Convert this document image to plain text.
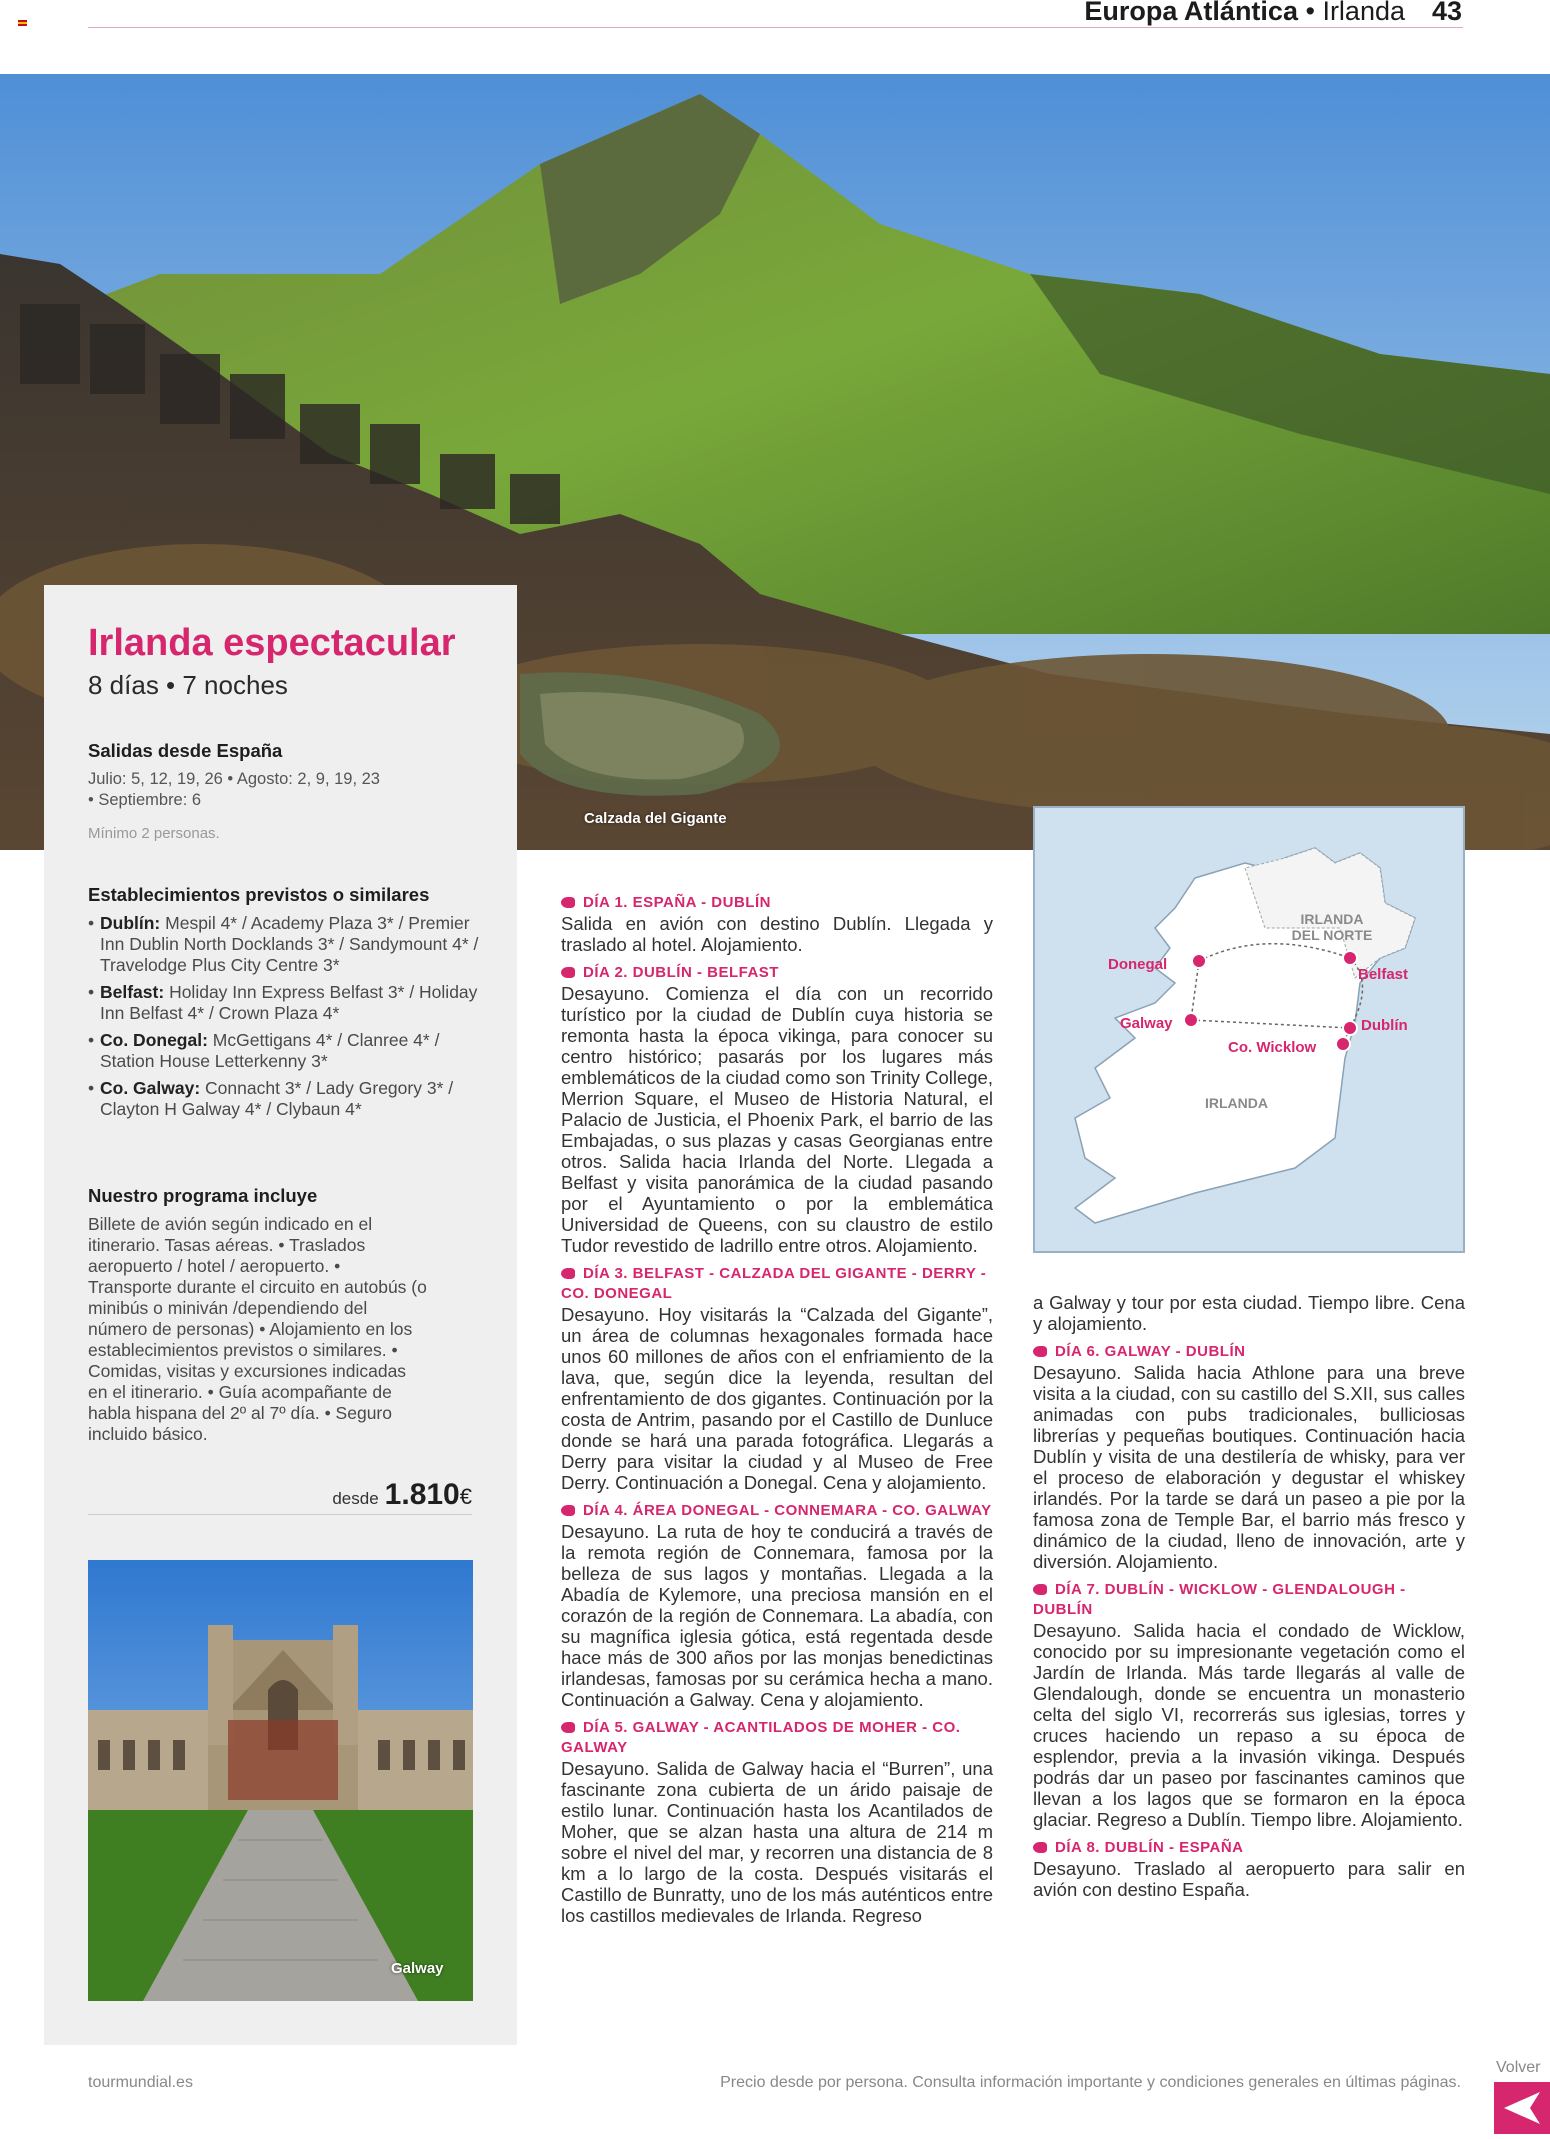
Europa Atlántica • Irlanda 43
Calzada del Gigante
Irlanda espectacular
8 días • 7 noches
Salidas desde España
Julio: 5, 12, 19, 26 • Agosto: 2, 9, 19, 23
• Septiembre: 6
Mínimo 2 personas.
Establecimientos previstos o similares
• Dublín: Mespil 4* / Academy Plaza 3* / Premier Inn Dublin North Docklands 3* / Sandymount 4* / Travelodge Plus City Centre 3*
• Belfast: Holiday Inn Express Belfast 3* / Holiday Inn Belfast 4* / Crown Plaza 4*
• Co. Donegal: McGettigans 4* / Clanree 4* / Station House Letterkenny 3*
• Co. Galway: Connacht 3* / Lady Gregory 3* / Clayton H Galway 4* / Clybaun 4*
Nuestro programa incluye
Billete de avión según indicado en el itinerario. Tasas aéreas. • Traslados aeropuerto / hotel / aeropuerto. • Transporte durante el circuito en autobús (o minibús o miniván /dependiendo del número de personas) • Alojamiento en los establecimientos previstos o similares. • Comidas, visitas y excursiones indicadas en el itinerario. • Guía acompañante de habla hispana del 2º al 7º día. • Seguro incluido básico.
desde 1.810€
Galway
Donegal
Belfast
Galway	Dublín
Co. Wicklow
IRLANDA
DEL NORTE
IRLANDA
DÍA 1. ESPAÑA - DUBLÍN
Salida en avión con destino Dublín. Llegada y traslado al hotel. Alojamiento.
DÍA 2. DUBLÍN - BELFAST
Desayuno. Comienza el día con un recorrido turístico por la ciudad de Dublín cuya historia se remonta hasta la época vikinga, para conocer su centro histórico; pasarás por los lugares más emblemáticos de la ciudad como son Trinity College, Merrion Square, el Museo de Historia Natural, el Palacio de Justicia, el Phoenix Park, el barrio de las Embajadas, o sus plazas y casas Georgianas entre otros. Salida hacia Irlanda del Norte. Llegada a Belfast y visita panorámica de la ciudad pasando por el Ayuntamiento o por la emblemática Universidad de Queens, con su claustro de estilo Tudor revestido de ladrillo entre otros. Alojamiento.
DÍA 3. BELFAST - CALZADA DEL GIGANTE - DERRY - CO. DONEGAL
Desayuno. Hoy visitarás la “Calzada del Gigante”, un área de columnas hexagonales formada hace unos 60 millones de años con el enfriamiento de la lava, que, según dice la leyenda, resultan del enfrentamiento de dos gigantes. Continuación por la costa de Antrim, pasando por el Castillo de Dunluce donde se hará una parada fotográfica. Llegarás a Derry para visitar la ciudad y al Museo de Free Derry. Continuación a Donegal. Cena y alojamiento.
DÍA 4. ÁREA DONEGAL - CONNEMARA - CO. GALWAY
Desayuno. La ruta de hoy te conducirá a través de la remota región de Connemara, famosa por la belleza de sus lagos y montañas. Llegada a la Abadía de Kylemore, una preciosa mansión en el corazón de la región de Connemara. La abadía, con su magnífica iglesia gótica, está regentada desde hace más de 300 años por las monjas benedictinas irlandesas, famosas por su cerámica hecha a mano. Continuación a Galway. Cena y alojamiento.
DÍA 5. GALWAY - ACANTILADOS DE MOHER - CO. GALWAY
Desayuno. Salida de Galway hacia el “Burren”, una fascinante zona cubierta de un árido paisaje de estilo lunar. Continuación hasta los Acantilados de Moher, que se alzan hasta una altura de 214 m sobre el nivel del mar, y recorren una distancia de 8 km a lo largo de la costa. Después visitarás el Castillo de Bunratty, uno de los más auténticos entre los castillos medievales de Irlanda. Regreso
a Galway y tour por esta ciudad. Tiempo libre. Cena y alojamiento.
DÍA 6. GALWAY - DUBLÍN
Desayuno. Salida hacia Athlone para una breve visita a la ciudad, con su castillo del S.XII, sus calles animadas con pubs tradicionales, bulliciosas librerías y pequeñas boutiques. Continuación hacia Dublín y visita de una destilería de whisky, para ver el proceso de elaboración y degustar el whiskey irlandés. Por la tarde se dará un paseo a pie por la famosa zona de Temple Bar, el barrio más fresco y dinámico de la ciudad, lleno de innovación, arte y diversión. Alojamiento.
DÍA 7. DUBLÍN - WICKLOW - GLENDALOUGH - DUBLÍN
Desayuno. Salida hacia el condado de Wicklow, conocido por su impresionante vegetación como el Jardín de Irlanda. Más tarde llegarás al valle de Glendalough, donde se encuentra un monasterio celta del siglo VI, recorrerás sus iglesias, torres y cruces haciendo un repaso a su época de esplendor, previa a la invasión vikinga. Después podrás dar un paseo por fascinantes caminos que llevan a los lagos que se formaron en la época glaciar. Regreso a Dublín. Tiempo libre. Alojamiento.
DÍA 8. DUBLÍN - ESPAÑA
Desayuno. Traslado al aeropuerto para salir en avión con destino España.
tourmundial.es	Precio desde por persona. Consulta información importante y condiciones generales en últimas páginas.
Volver
